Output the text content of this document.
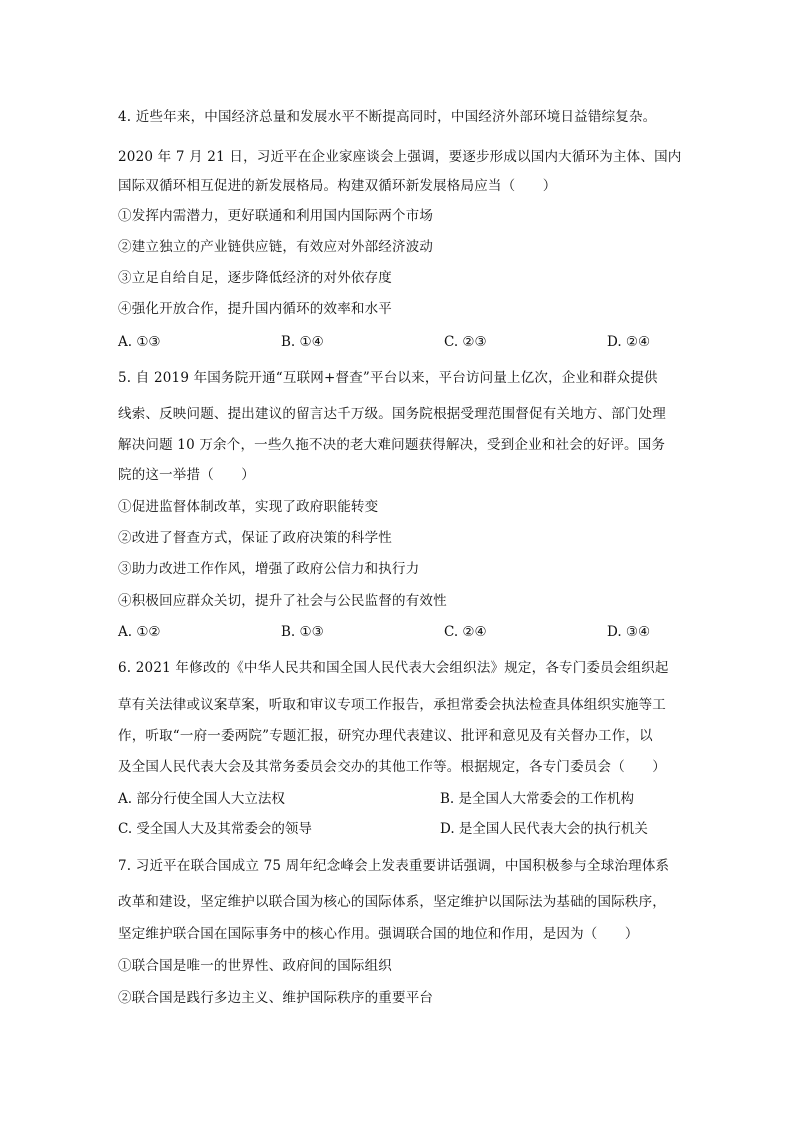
4. 近些年来，中国经济总量和发展水平不断提高同时，中国经济外部环境日益错综复杂。
2020 年 7 月 21 日，习近平在企业家座谈会上强调，要逐步形成以国内大循环为主体、国内
国际双循环相互促进的新发展格局。构建双循环新发展格局应当（　　）
①发挥内需潜力，更好联通和利用国内国际两个市场
②建立独立的产业链供应链，有效应对外部经济波动
③立足自给自足，逐步降低经济的对外依存度
④强化开放合作，提升国内循环的效率和水平
A. ①③	B. ①④	C. ②③	D. ②④
5. 自 2019 年国务院开通“互联网+督查”平台以来，平台访问量上亿次，企业和群众提供
线索、反映问题、提出建议的留言达千万级。国务院根据受理范围督促有关地方、部门处理
解决问题 10 万余个，一些久拖不决的老大难问题获得解决，受到企业和社会的好评。国务
院的这一举措（　　）
①促进监督体制改革，实现了政府职能转变
②改进了督查方式，保证了政府决策的科学性
③助力改进工作作风，增强了政府公信力和执行力
④积极回应群众关切，提升了社会与公民监督的有效性
A. ①②	B. ①③	C. ②④	D. ③④
6. 2021 年修改的《中华人民共和国全国人民代表大会组织法》规定，各专门委员会组织起
草有关法律或议案草案，听取和审议专项工作报告，承担常委会执法检查具体组织实施等工
作，听取“一府一委两院”专题汇报，研究办理代表建议、批评和意见及有关督办工作，以
及全国人民代表大会及其常务委员会交办的其他工作等。根据规定，各专门委员会（　　）
A. 部分行使全国人大立法权	B. 是全国人大常委会的工作机构
C. 受全国人大及其常委会的领导	D. 是全国人民代表大会的执行机关
7. 习近平在联合国成立 75 周年纪念峰会上发表重要讲话强调，中国积极参与全球治理体系
改革和建设，坚定维护以联合国为核心的国际体系，坚定维护以国际法为基础的国际秩序，
坚定维护联合国在国际事务中的核心作用。强调联合国的地位和作用，是因为（　　）
①联合国是唯一的世界性、政府间的国际组织
②联合国是践行多边主义、维护国际秩序的重要平台
